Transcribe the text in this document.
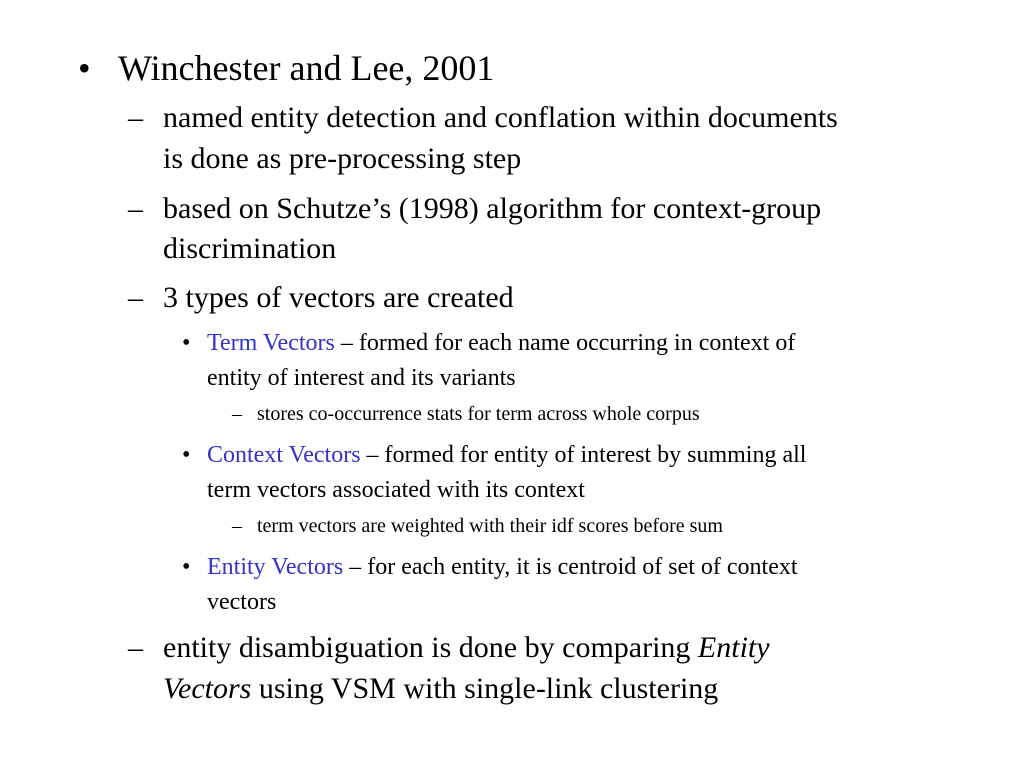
• Winchester and Lee, 2001
– named entity detection and conflation within documents
is done as pre-processing step
– based on Schutze’s (1998) algorithm for context-group
discrimination
– 3 types of vectors are created
• Term Vectors – formed for each name occurring in context of
entity of interest and its variants
– stores co-occurrence stats for term across whole corpus
• Context Vectors – formed for entity of interest by summing all
term vectors associated with its context
– term vectors are weighted with their idf scores before sum
• Entity Vectors – for each entity, it is centroid of set of context
vectors
– entity disambiguation is done by comparing Entity
Vectors using VSM with single-link clustering
